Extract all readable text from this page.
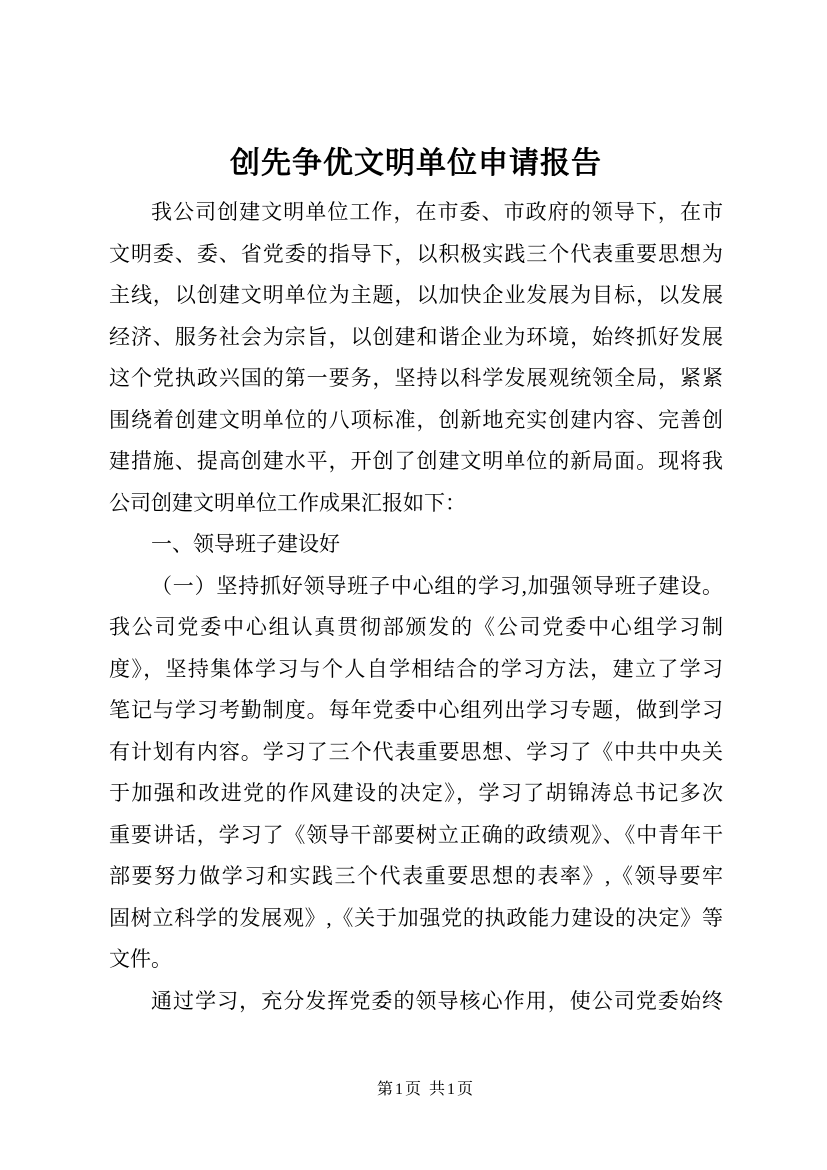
创先争优文明单位申请报告
我公司创建文明单位工作，在市委、市政府的领导下，在市
文明委、委、省党委的指导下，以积极实践三个代表重要思想为
主线，以创建文明单位为主题，以加快企业发展为目标，以发展
经济、服务社会为宗旨，以创建和谐企业为环境，始终抓好发展
这个党执政兴国的第一要务，坚持以科学发展观统领全局，紧紧
围绕着创建文明单位的八项标准，创新地充实创建内容、完善创
建措施、提高创建水平，开创了创建文明单位的新局面。现将我
公司创建文明单位工作成果汇报如下：
一、领导班子建设好
（一）坚持抓好领导班子中心组的学习,加强领导班子建设。
我公司党委中心组认真贯彻部颁发的《公司党委中心组学习制
度》，坚持集体学习与个人自学相结合的学习方法，建立了学习
笔记与学习考勤制度。每年党委中心组列出学习专题，做到学习
有计划有内容。学习了三个代表重要思想、学习了《中共中央关
于加强和改进党的作风建设的决定》，学习了胡锦涛总书记多次
重要讲话，学习了《领导干部要树立正确的政绩观》、《中青年干
部要努力做学习和实践三个代表重要思想的表率》,《领导要牢
固树立科学的发展观》,《关于加强党的执政能力建设的决定》等
文件。
通过学习，充分发挥党委的领导核心作用，使公司党委始终
第1页 共1页
